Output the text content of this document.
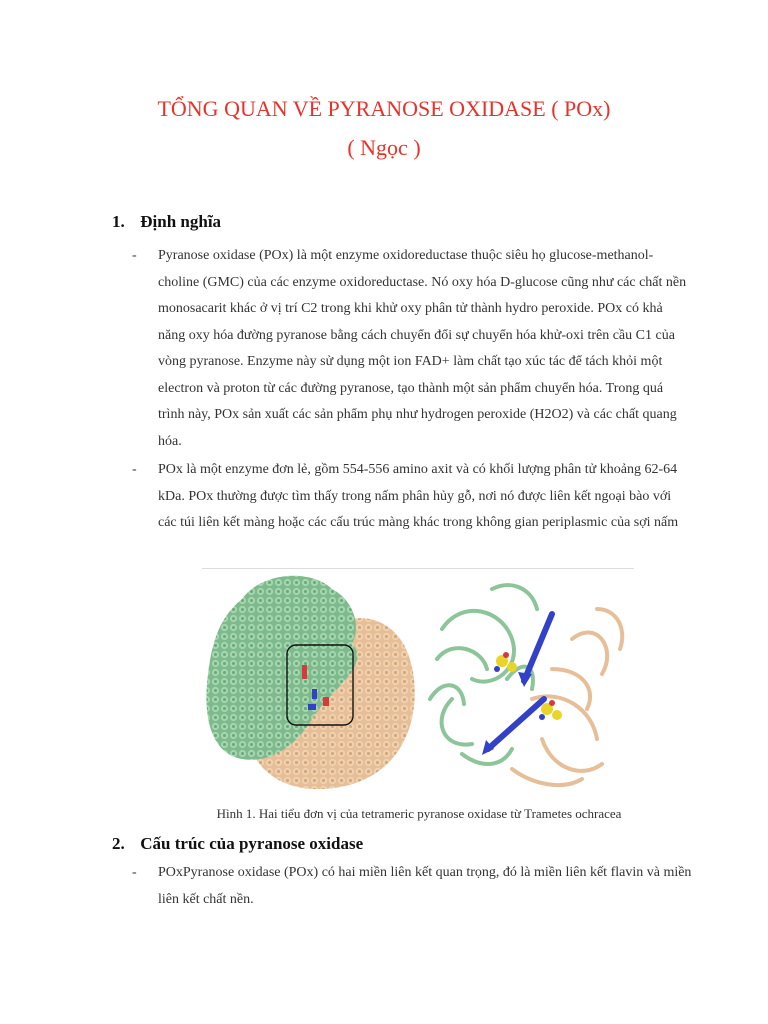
TỔNG QUAN VỀ PYRANOSE OXIDASE ( POx)
( Ngọc )
1. Định nghĩa
- Pyranose oxidase (POx) là một enzyme oxidoreductase thuộc siêu họ glucose-methanol-choline (GMC) của các enzyme oxidoreductase. Nó oxy hóa D-glucose cũng như các chất nền monosacarit khác ở vị trí C2 trong khi khử oxy phân tử thành hydro peroxide. POx có khả năng oxy hóa đường pyranose bằng cách chuyển đổi sự chuyển hóa khử-oxi trên cầu C1 của vòng pyranose. Enzyme này sử dụng một ion FAD+ làm chất tạo xúc tác để tách khỏi một electron và proton từ các đường pyranose, tạo thành một sản phẩm chuyển hóa. Trong quá trình này, POx sản xuất các sản phẩm phụ như hydrogen peroxide (H2O2) và các chất quang hóa.
- POx là một enzyme đơn lẻ, gồm 554-556 amino axit và có khối lượng phân tử khoảng 62-64 kDa. POx thường được tìm thấy trong nấm phân hủy gỗ, nơi nó được liên kết ngoại bào với các túi liên kết màng hoặc các cấu trúc màng khác trong không gian periplasmic của sợi nấm
Hình 1. Hai tiểu đơn vị của tetrameric pyranose oxidase từ Trametes ochracea
2. Cấu trúc của pyranose oxidase
- POxPyranose oxidase (POx) có hai miền liên kết quan trọng, đó là miền liên kết flavin và miền liên kết chất nền.
